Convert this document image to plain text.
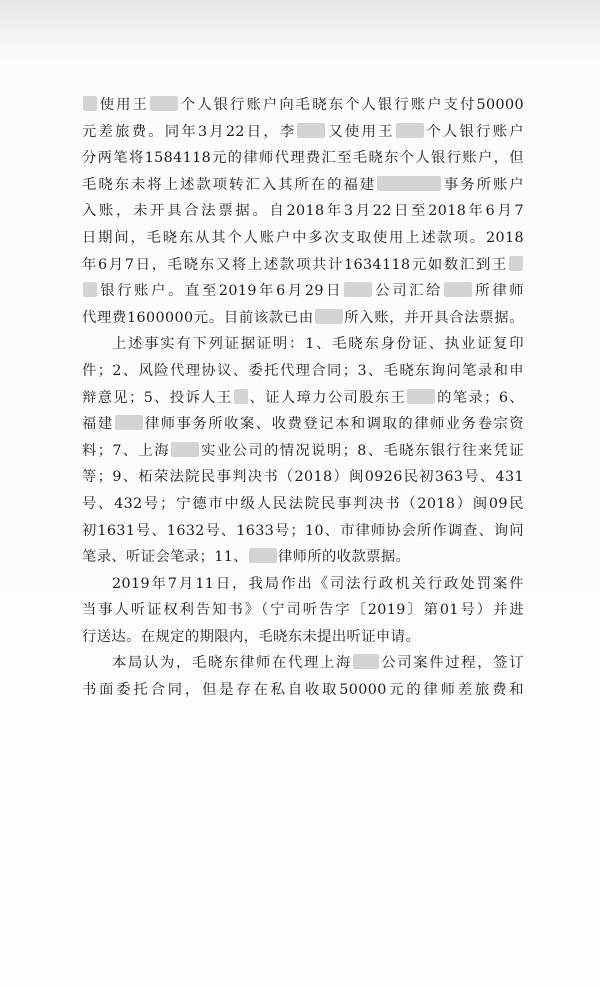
使用王 个人银行账户向毛晓东个人银行账户支付50000
元差旅费。同年3月22日，李 又使用王 个人银行账户
分两笔将1584118元的律师代理费汇至毛晓东个人银行账户，但
毛晓东未将上述款项转汇入其所在的福建	事务所账户
入账，未开具合法票据。自2018年3月22日至2018年6月7
日期间，毛晓东从其个人账户中多次支取使用上述款项。2018
年6月7日，毛晓东又将上述款项共计1634118元如数汇到王
银行账户。直至2019年6月29日 公司汇给 所律师
代理费1600000元。目前该款已由 所入账，并开具合法票据。
上述事实有下列证据证明：1、毛晓东身份证、执业证复印
件；2、风险代理协议、委托代理合同；3、毛晓东询问笔录和申
辩意见；5、投诉人王 、证人璋力公司股东王 的笔录；6、
福建 律师事务所收案、收费登记本和调取的律师业务卷宗资
料；7、上海 实业公司的情况说明；8、毛晓东银行往来凭证
等；9、柘荣法院民事判决书（2018）闽0926民初363号、431
号、432号；宁德市中级人民法院民事判决书（2018）闽09民
初1631号、1632号、1633号；10、市律师协会所作调查、询问
笔录、听证会笔录；11、 律师所的收款票据。
2019年7月11日，我局作出《司法行政机关行政处罚案件
当事人听证权利告知书》（宁司听告字〔2019〕第01号）并进
行送达。在规定的期限内，毛晓东未提出听证申请。
本局认为，毛晓东律师在代理上海 公司案件过程，签订
书面委托合同，但是存在私自收取50000元的律师差旅费和
